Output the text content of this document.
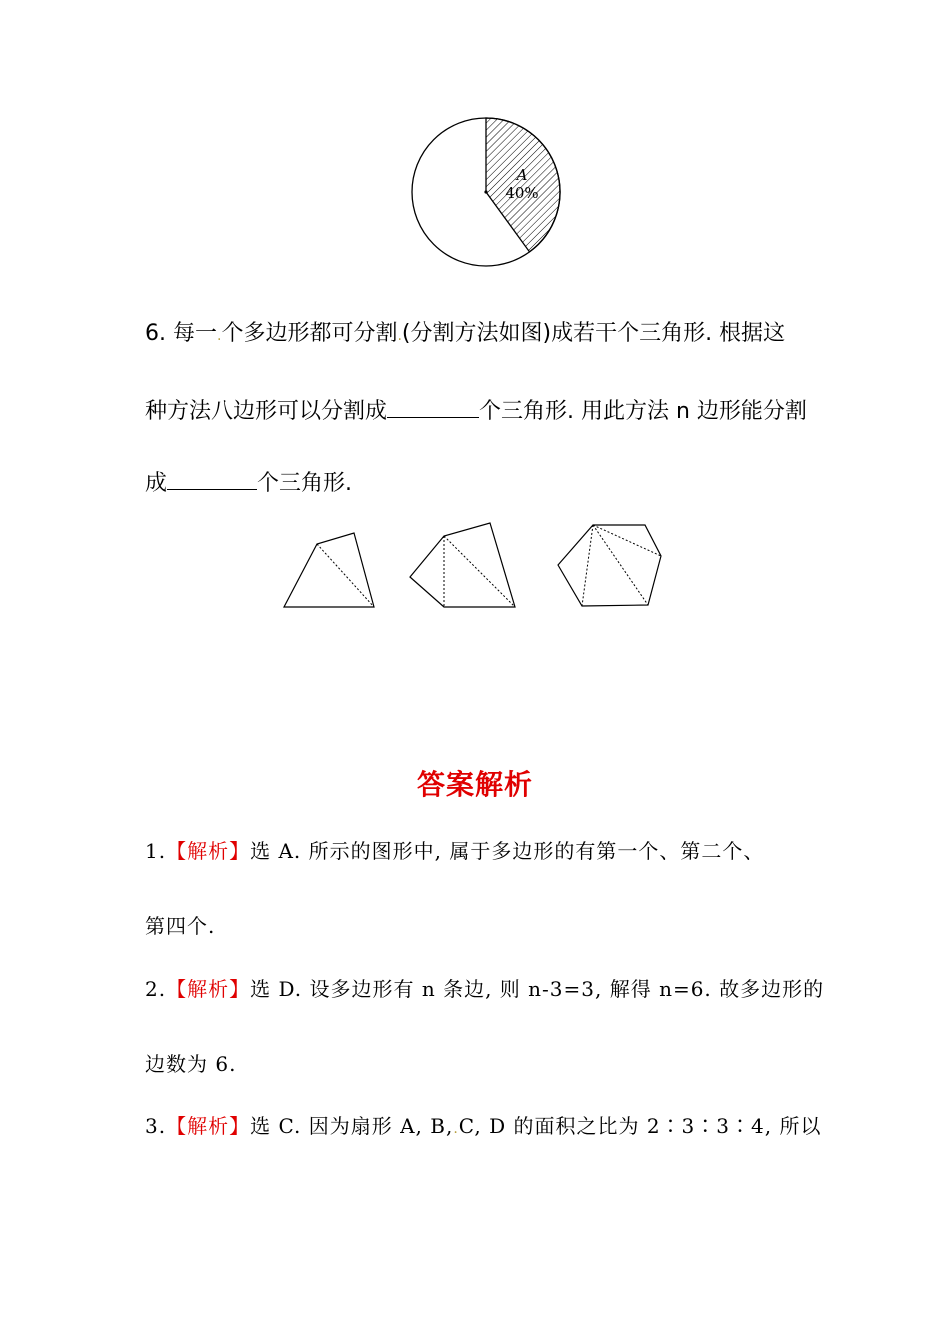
A
40%
6. 每一.个多边形都可分割.(分割方法如图)成若干个三角形. 根据这
种方法八边形可以分割成	个三角形. 用此方法 n 边形能分割
成	个三角形.
答案解析
1.【解析】选 A. 所示的图形中, 属于多边形的有第一个、第二个、
第四个.
2.【解析】选 D. 设多边形有 n 条边, 则 n-3=3, 解得 n=6. 故多边形的
边数为 6.
3.【解析】选 C. 因为扇形 A, B,.C, D 的面积之比为 2∶3∶3∶4, 所以
